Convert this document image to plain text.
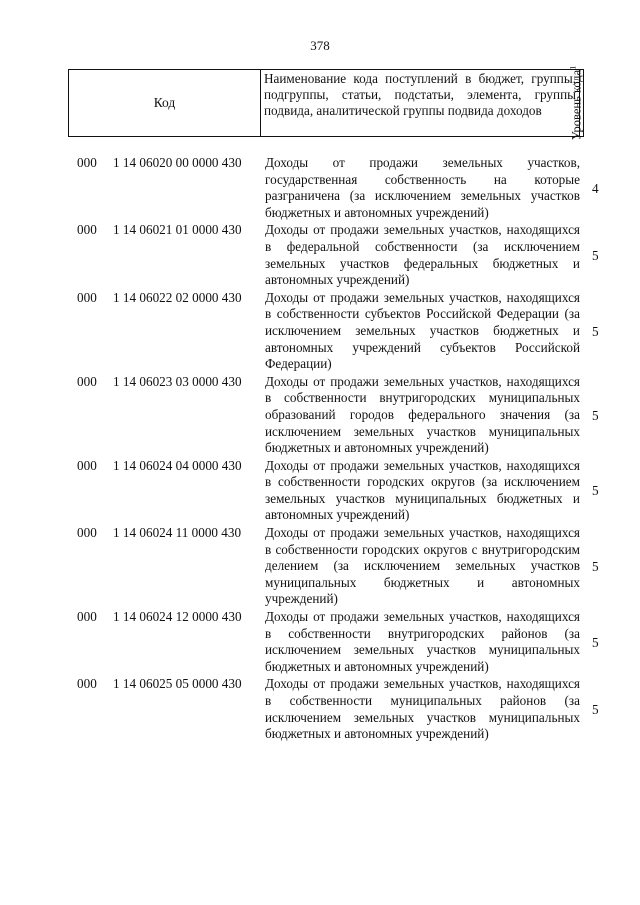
378
Код
Наименование кода поступлений в бюджет, группы, подгруппы, статьи, подстатьи, элемента, группы подвида, аналитической группы подвида доходов	Уровень кода$^1$
000 1 14 06020 00 0000 430 Доходы от продажи земельных участков, государственная собственность на которые разграничена (за исключением земельных участков бюджетных и автономных учреждений)
4
000 1 14 06021 01 0000 430 Доходы от продажи земельных участков, находящихся в федеральной собственности (за исключением земельных участков федеральных бюджетных и автономных учреждений)
5
000 1 14 06022 02 0000 430 Доходы от продажи земельных участков, находящихся в собственности субъектов Российской Федерации (за исключением земельных участков бюджетных и автономных учреждений субъектов Российской Федерации)
5
000 1 14 06023 03 0000 430 Доходы от продажи земельных участков, находящихся в собственности внутригородских муниципальных образований городов федерального значения (за исключением земельных участков муниципальных бюджетных и автономных учреждений)
5
000 1 14 06024 04 0000 430 Доходы от продажи земельных участков, находящихся в собственности городских округов (за исключением земельных участков муниципальных бюджетных и автономных учреждений)
5
000 1 14 06024 11 0000 430 Доходы от продажи земельных участков, находящихся в собственности городских округов с внутригородским делением (за исключением земельных участков муниципальных бюджетных и автономных учреждений)
5
000 1 14 06024 12 0000 430 Доходы от продажи земельных участков, находящихся в собственности внутригородских районов (за исключением земельных участков муниципальных бюджетных и автономных учреждений)
5
000 1 14 06025 05 0000 430 Доходы от продажи земельных участков, находящихся в собственности муниципальных районов (за исключением земельных участков муниципальных бюджетных и автономных учреждений)
5
